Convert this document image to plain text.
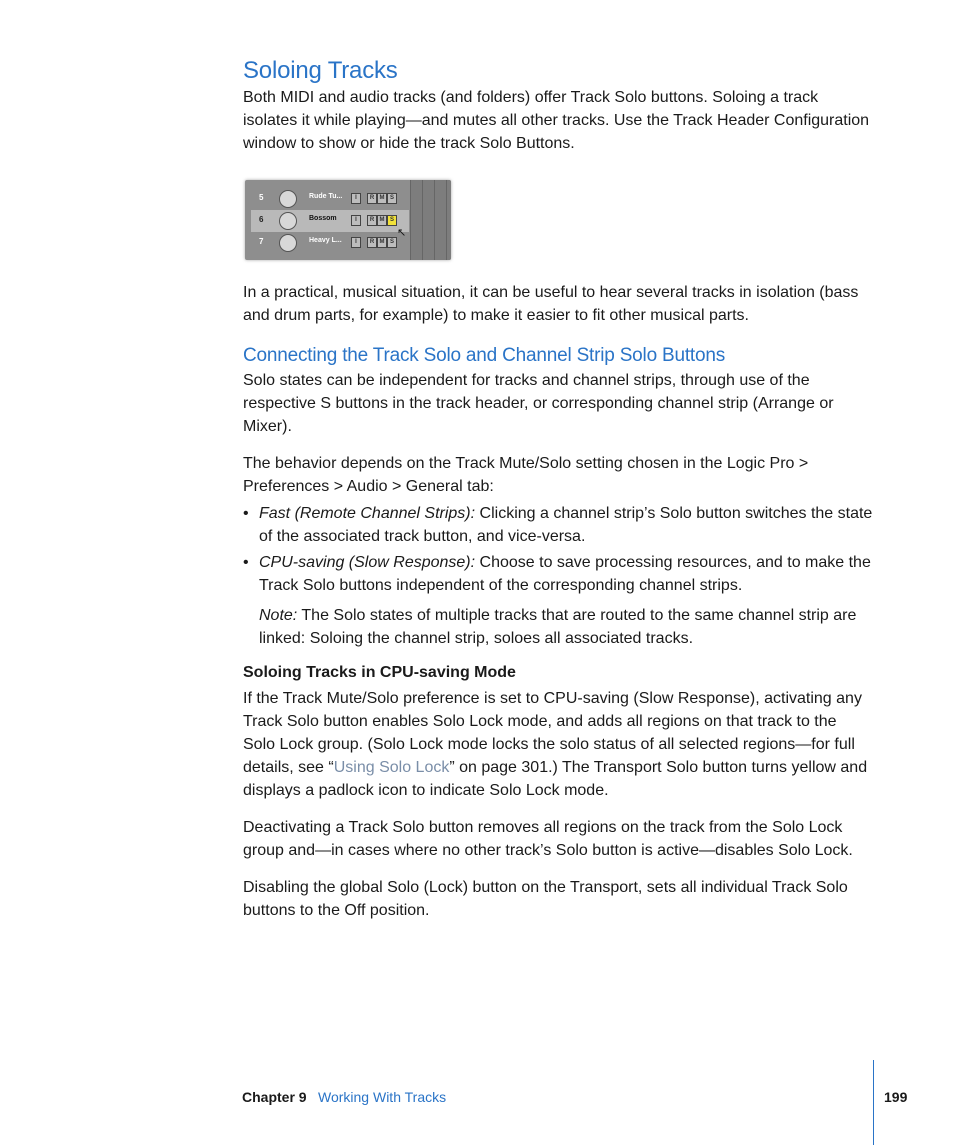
Soloing Tracks

Both MIDI and audio tracks (and folders) offer Track Solo buttons. Soloing a track isolates it while playing—and mutes all other tracks. Use the Track Header Configuration window to show or hide the track Solo Buttons.

5	Rude Tu...	I	R M S
6	Bossom	I	R M S
7	Heavy L...	I	R M S
↖

In a practical, musical situation, it can be useful to hear several tracks in isolation (bass and drum parts, for example) to make it easier to fit other musical parts.

Connecting the Track Solo and Channel Strip Solo Buttons

Solo states can be independent for tracks and channel strips, through use of the respective S buttons in the track header, or corresponding channel strip (Arrange or Mixer).

The behavior depends on the Track Mute/Solo setting chosen in the Logic Pro > Preferences > Audio > General tab:

• Fast (Remote Channel Strips): Clicking a channel strip’s Solo button switches the state of the associated track button, and vice-versa.
• CPU-saving (Slow Response): Choose to save processing resources, and to make the Track Solo buttons independent of the corresponding channel strips.

Note: The Solo states of multiple tracks that are routed to the same channel strip are linked: Soloing the channel strip, soloes all associated tracks.

Soloing Tracks in CPU-saving Mode

If the Track Mute/Solo preference is set to CPU-saving (Slow Response), activating any Track Solo button enables Solo Lock mode, and adds all regions on that track to the Solo Lock group. (Solo Lock mode locks the solo status of all selected regions—for full details, see “Using Solo Lock” on page 301.) The Transport Solo button turns yellow and displays a padlock icon to indicate Solo Lock mode.

Deactivating a Track Solo button removes all regions on the track from the Solo Lock group and—in cases where no other track’s Solo button is active—disables Solo Lock.

Disabling the global Solo (Lock) button on the Transport, sets all individual Track Solo buttons to the Off position.

Chapter 9 Working With Tracks	199
